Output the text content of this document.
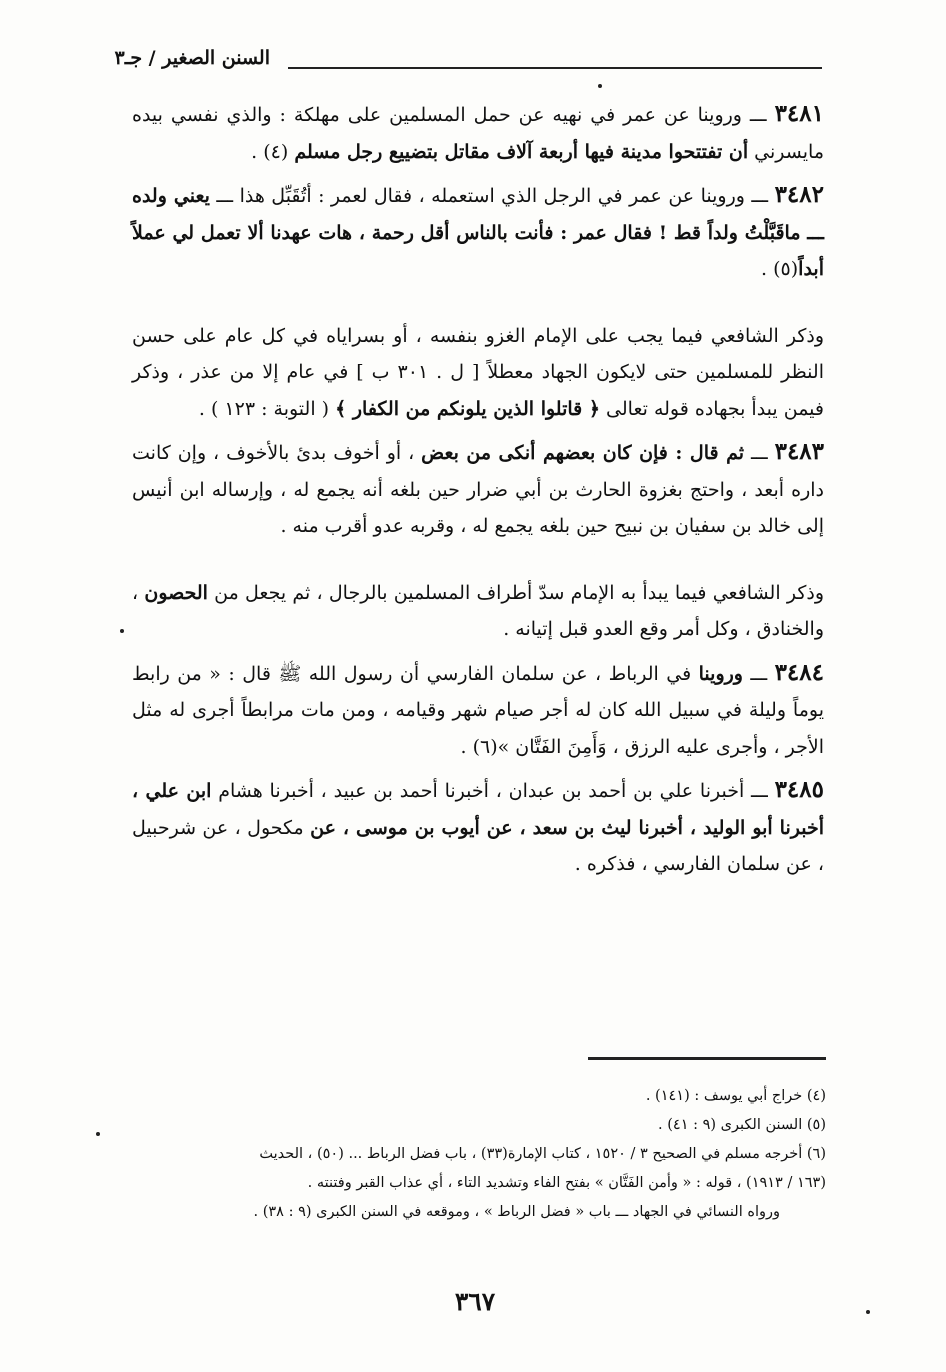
السنن الصغير / جـ٣

٣٤٨١ ـــ وروينا عن عمر في نهيه عن حمل المسلمين على مهلكة : والذي نفسي بيده مايسرني أن تفتتحوا مدينة فيها أربعة آلاف مقاتل بتضييع رجل مسلم (٤) .

٣٤٨٢ ـــ وروينا عن عمر في الرجل الذي استعمله ، فقال لعمر : أتُقَبِّل هذا ـــ يعني ولده ـــ ماقَبَّلْتُ ولداً قط ! فقال عمر : فأنت بالناس أقل رحمة ، هات عهدنا ألا تعمل لي عملاً أبداً(٥) .

وذكر الشافعي فيما يجب على الإمام الغزو بنفسه ، أو بسراياه في كل عام على حسن النظر للمسلمين حتى لايكون الجهاد معطلاً [ ل . ٣٠١ ب ] في عام إلا من عذر ، وذكر فيمن يبدأ بجهاده قوله تعالى ﴿ قاتلوا الذين يلونكم من الكفار ﴾ ( التوبة : ١٢٣ ) .

٣٤٨٣ ـــ ثم قال : فإن كان بعضهم أنكى من بعض ، أو أخوف بدئ بالأخوف ، وإن كانت داره أبعد ، واحتج بغزوة الحارث بن أبي ضرار حين بلغه أنه يجمع له ، وإرساله ابن أنيس إلى خالد بن سفيان بن نبيح حين بلغه يجمع له ، وقربه عدو أقرب منه .

وذكر الشافعي فيما يبدأ به الإمام سدّ أطراف المسلمين بالرجال ، ثم يجعل من الحصون ، والخنادق ، وكل أمر وقع العدو قبل إتيانه .

٣٤٨٤ ـــ وروينا في الرباط ، عن سلمان الفارسي أن رسول الله ﷺ قال : « من رابط يوماً وليلة في سبيل الله كان له أجر صيام شهر وقيامه ، ومن مات مرابطاً أجرى له مثل الأجر ، وأجرى عليه الرزق ، وَأَمِنَ الفَتَّان »(٦) .

٣٤٨٥ ـــ أخبرنا علي بن أحمد بن عبدان ، أخبرنا أحمد بن عبيد ، أخبرنا هشام ابن علي ، أخبرنا أبو الوليد ، أخبرنا ليث بن سعد ، عن أيوب بن موسى ، عن مكحول ، عن شرحبيل ، عن سلمان الفارسي ، فذكره .

(٤) خراج أبي يوسف : (١٤١) .

(٥) السنن الكبرى (٩ : ٤١) .

(٦) أخرجه مسلم في الصحيح ٣ / ١٥٢٠ ، كتاب الإمارة(٣٣) ، باب فضل الرباط ... (٥٠) ، الحديث

(١٦٣ / ١٩١٣) ، قوله : « وأمن الفَتَّان » بفتح الفاء وتشديد التاء ، أي عذاب القبر وفتنته .

ورواه النسائي في الجهاد ـــ باب « فضل الرباط » ، وموقعه في السنن الكبرى (٩ : ٣٨) .

٣٦٧
